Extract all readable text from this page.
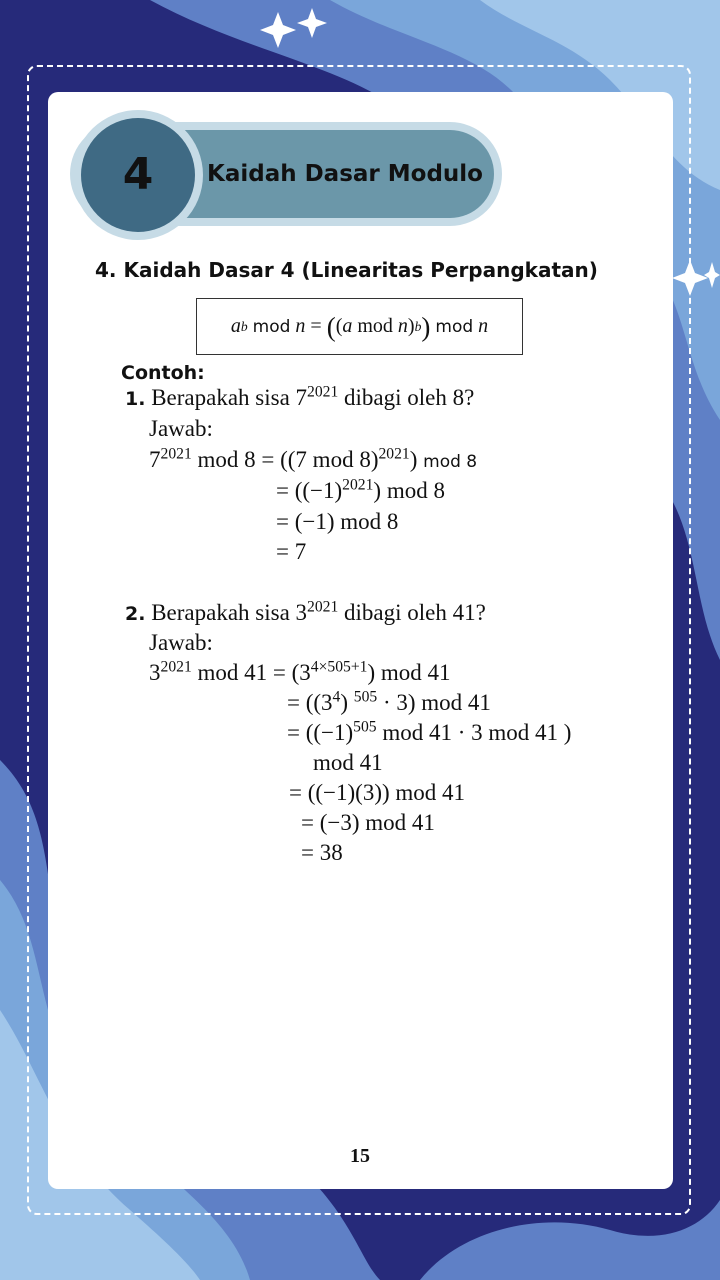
Kaidah Dasar Modulo
4
4. Kaidah Dasar 4 (Linearitas Perpangkatan)
a b
mod
n
=
( ( a
mod
n ) b )
mod
n
Contoh:
1. Berapakah sisa $7^{2021}$ dibagi oleh 8?
Jawab:
$7^{2021}$ mod 8 = ((7 mod 8)$^{2021}$) mod 8
= $((-1)^{2021})$ mod 8
= (−1) mod 8
= 7
2. Berapakah sisa $3^{2021}$ dibagi oleh 41?
Jawab:
$3^{2021}$ mod $41 = (3^{4\times 505+1})$ mod 41
= $((3^4) ^{505} \cdot 3)$ mod 41
= ($(-1)^{505}$ mod 41 · 3 mod 41 )
mod 41
= ((−1)(3)) mod 41
= (−3) mod 41
= 38
15
